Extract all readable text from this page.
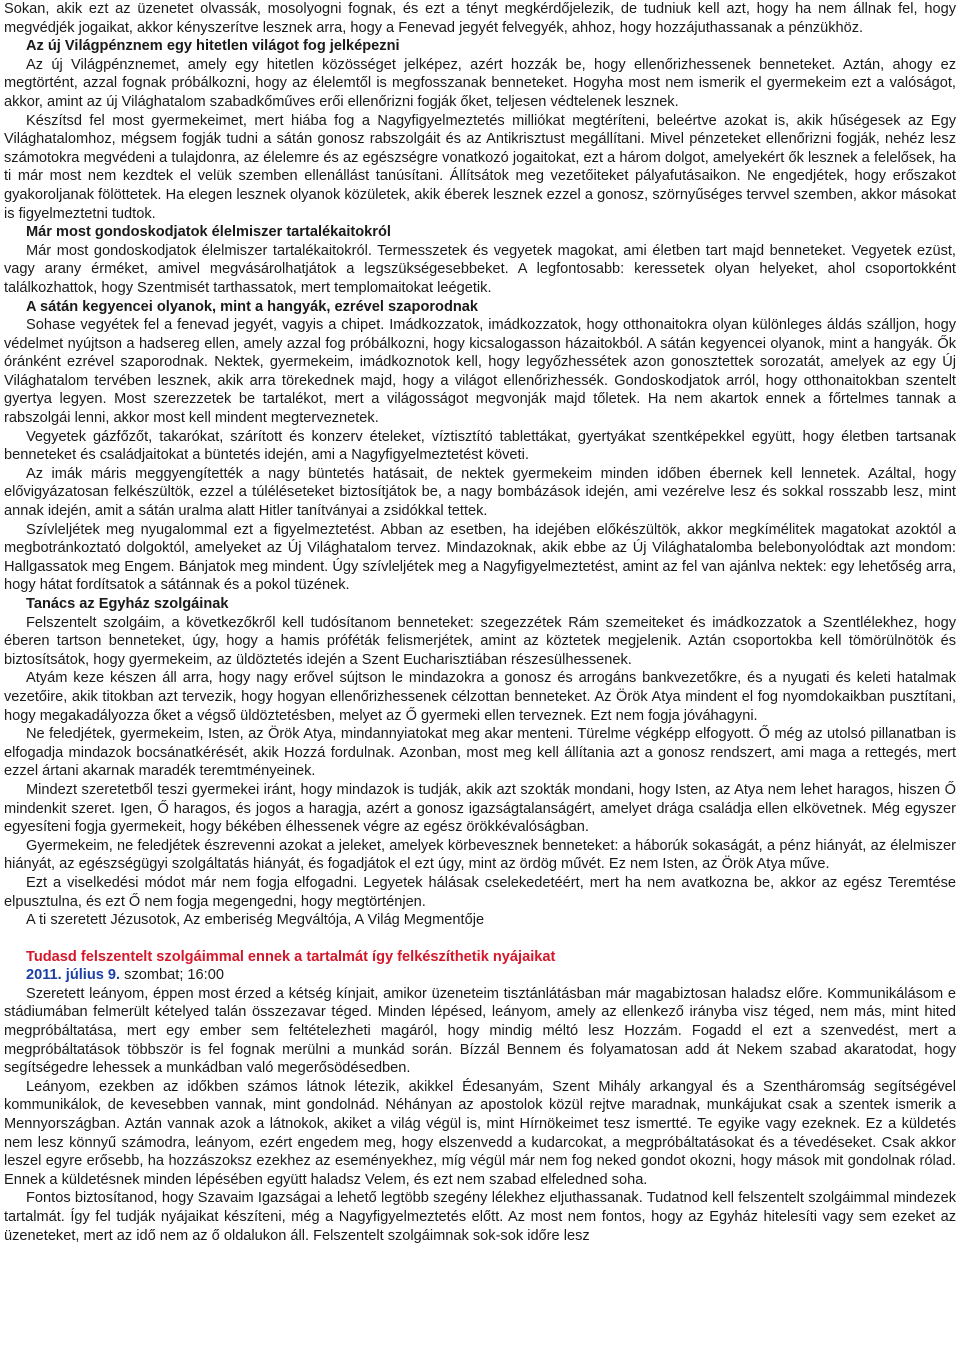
Sokan, akik ezt az üzenetet olvassák, mosolyogni fognak, és ezt a tényt megkérdőjelezik, de tudniuk kell azt, hogy ha nem állnak fel, hogy megvédjék jogaikat, akkor kényszerítve lesznek arra, hogy a Fenevad jegyét felvegyék, ahhoz, hogy hozzájuthassanak a pénzükhöz.

Az új Világpénznem egy hitetlen világot fog jelképezni

Az új Világpénznemet, amely egy hitetlen közösséget jelképez, azért hozzák be, hogy ellenőrizhessenek benneteket. Aztán, ahogy ez megtörtént, azzal fognak próbálkozni, hogy az élelemtől is megfosszanak benneteket. Hogyha most nem ismerik el gyermekeim ezt a valóságot, akkor, amint az új Világhatalom szabadkőműves erői ellenőrizni fogják őket, teljesen védtelenek lesznek.

Készítsd fel most gyermekeimet, mert hiába fog a Nagyfigyelmeztetés milliókat megtéríteni, beleértve azokat is, akik hűségesek az Egy Világhatalomhoz, mégsem fogják tudni a sátán gonosz rabszolgáit és az Antikrisztust megállítani. Mivel pénzeteket ellenőrizni fogják, nehéz lesz számotokra megvédeni a tulajdonra, az élelemre és az egészségre vonatkozó jogaitokat, ezt a három dolgot, amelyekért ők lesznek a felelősek, ha ti már most nem kezdtek el velük szemben ellenállást tanúsítani. Állítsátok meg vezetőiteket pályafutásaikon. Ne engedjétek, hogy erőszakot gyakoroljanak fölöttetek. Ha elegen lesznek olyanok közületek, akik éberek lesznek ezzel a gonosz, szörnyűséges tervvel szemben, akkor másokat is figyelmeztetni tudtok.

Már most gondoskodjatok élelmiszer tartalékaitokról

Már most gondoskodjatok élelmiszer tartalékaitokról. Termesszetek és vegyetek magokat, ami életben tart majd benneteket. Vegyetek ezüst, vagy arany érméket, amivel megvásárolhatjátok a legszükségesebbeket. A legfontosabb: keressetek olyan helyeket, ahol csoportokként találkozhattok, hogy Szentmisét tarthassatok, mert templomaitokat leégetik.

A sátán kegyencei olyanok, mint a hangyák, ezrével szaporodnak

Sohase vegyétek fel a fenevad jegyét, vagyis a chipet. Imádkozzatok, imádkozzatok, hogy otthonaitokra olyan különleges áldás szálljon, hogy védelmet nyújtson a hadsereg ellen, amely azzal fog próbálkozni, hogy kicsalogasson házaitokból. A sátán kegyencei olyanok, mint a hangyák. Ők óránként ezrével szaporodnak. Nektek, gyermekeim, imádkoznotok kell, hogy legyőzhessétek azon gonosztettek sorozatát, amelyek az egy Új Világhatalom tervében lesznek, akik arra törekednek majd, hogy a világot ellenőrizhessék. Gondoskodjatok arról, hogy otthonaitokban szentelt gyertya legyen. Most szerezzetek be tartalékot, mert a világosságot megvonják majd tőletek. Ha nem akartok ennek a főrtelmes tannak a rabszolgái lenni, akkor most kell mindent megterveznetek.

Vegyetek gázfőzőt, takarókat, szárított és konzerv ételeket, víztisztító tablettákat, gyertyákat szentképekkel együtt, hogy életben tartsanak benneteket és családjaitokat a büntetés idején, ami a Nagyfigyelmeztetést követi.

Az imák máris meggyengítették a nagy büntetés hatásait, de nektek gyermekeim minden időben ébernek kell lennetek. Azáltal, hogy elővigyázatosan felkészültök, ezzel a túléléseteket biztosítjátok be, a nagy bombázások idején, ami vezérelve lesz és sokkal rosszabb lesz, mint annak idején, amit a sátán uralma alatt Hitler tanítványai a zsidókkal tettek.

Szívleljétek meg nyugalommal ezt a figyelmeztetést. Abban az esetben, ha idejében előkészültök, akkor megkímélitek magatokat azoktól a megbotránkoztató dolgoktól, amelyeket az Új Világhatalom tervez. Mindazoknak, akik ebbe az Új Világhatalomba belebonyolódtak azt mondom: Hallgassatok meg Engem. Bánjatok meg mindent. Úgy szívleljétek meg a Nagyfigyelmeztetést, amint az fel van ajánlva nektek: egy lehetőség arra, hogy hátat fordítsatok a sátánnak és a pokol tüzének.

Tanács az Egyház szolgáinak

Felszentelt szolgáim, a következőkről kell tudósítanom benneteket: szegezzétek Rám szemeiteket és imádkozzatok a Szentlélekhez, hogy éberen tartson benneteket, úgy, hogy a hamis próféták felismerjétek, amint az köztetek megjelenik. Aztán csoportokba kell tömörülnötök és biztosítsátok, hogy gyermekeim, az üldöztetés idején a Szent Eucharisztiában részesülhessenek.

Atyám keze készen áll arra, hogy nagy erővel sújtson le mindazokra a gonosz és arrogáns bankvezetőkre, és a nyugati és keleti hatalmak vezetőire, akik titokban azt tervezik, hogy hogyan ellenőrizhessenek célzottan benneteket. Az Örök Atya mindent el fog nyomdokaikban pusztítani, hogy megakadályozza őket a végső üldöztetésben, melyet az Ő gyermeki ellen terveznek. Ezt nem fogja jóváhagyni.

Ne feledjétek, gyermekeim, Isten, az Örök Atya, mindannyiatokat meg akar menteni. Türelme végképp elfogyott. Ő még az utolsó pillanatban is elfogadja mindazok bocsánatkérését, akik Hozzá fordulnak. Azonban, most meg kell állítania azt a gonosz rendszert, ami maga a rettegés, mert ezzel ártani akarnak maradék teremtményeinek.

Mindezt szeretetből teszi gyermekei iránt, hogy mindazok is tudják, akik azt szokták mondani, hogy Isten, az Atya nem lehet haragos, hiszen Ő mindenkit szeret. Igen, Ő haragos, és jogos a haragja, azért a gonosz igazságtalanságért, amelyet drága családja ellen elkövetnek. Még egyszer egyesíteni fogja gyermekeit, hogy békében élhessenek végre az egész örökkévalóságban.

Gyermekeim, ne feledjétek észrevenni azokat a jeleket, amelyek körbevesznek benneteket: a háborúk sokaságát, a pénz hiányát, az élelmiszer hiányát, az egészségügyi szolgáltatás hiányát, és fogadjátok el ezt úgy, mint az ördög művét. Ez nem Isten, az Örök Atya műve.

Ezt a viselkedési módot már nem fogja elfogadni. Legyetek hálásak cselekedetéért, mert ha nem avatkozna be, akkor az egész Teremtése elpusztulna, és ezt Ő nem fogja megengedni, hogy megtörténjen.

A ti szeretett Jézusotok, Az emberiség Megváltója, A Világ Megmentője

Tudasd felszentelt szolgáimmal ennek a tartalmát így felkészíthetik nyájaikat

2011. július 9. szombat; 16:00

Szeretett leányom, éppen most érzed a kétség kínjait, amikor üzeneteim tisztánlátásban már magabiztosan haladsz előre. Kommunikálásom e stádiumában felmerült kételyed talán összezavar téged. Minden lépésed, leányom, amely az ellenkező irányba visz téged, nem más, mint hited megpróbáltatása, mert egy ember sem feltételezheti magáról, hogy mindig méltó lesz Hozzám. Fogadd el ezt a szenvedést, mert a megpróbáltatások többször is fel fognak merülni a munkád során. Bízzál Bennem és folyamatosan add át Nekem szabad akaratodat, hogy segítségedre lehessek a munkádban való megerősödésedben.

Leányom, ezekben az időkben számos látnok létezik, akikkel Édesanyám, Szent Mihály arkangyal és a Szentháromság segítségével kommunikálok, de kevesebben vannak, mint gondolnád. Néhányan az apostolok közül rejtve maradnak, munkájukat csak a szentek ismerik a Mennyországban. Aztán vannak azok a látnokok, akiket a világ végül is, mint Hírnökeimet tesz ismertté. Te egyike vagy ezeknek. Ez a küldetés nem lesz könnyű számodra, leányom, ezért engedem meg, hogy elszenvedd a kudarcokat, a megpróbáltatásokat és a tévedéseket. Csak akkor leszel egyre erősebb, ha hozzászoksz ezekhez az eseményekhez, míg végül már nem fog neked gondot okozni, hogy mások mit gondolnak rólad. Ennek a küldetésnek minden lépésében együtt haladsz Velem, és ezt nem szabad elfeledned soha.

Fontos biztosítanod, hogy Szavaim Igazságai a lehető legtöbb szegény lélekhez eljuthassanak. Tudatnod kell felszentelt szolgáimmal mindezek tartalmát. Így fel tudják nyájaikat készíteni, még a Nagyfigyelmeztetés előtt. Az most nem fontos, hogy az Egyház hitelesíti vagy sem ezeket az üzeneteket, mert az idő nem az ő oldalukon áll. Felszentelt szolgáimnak sok-sok időre lesz
